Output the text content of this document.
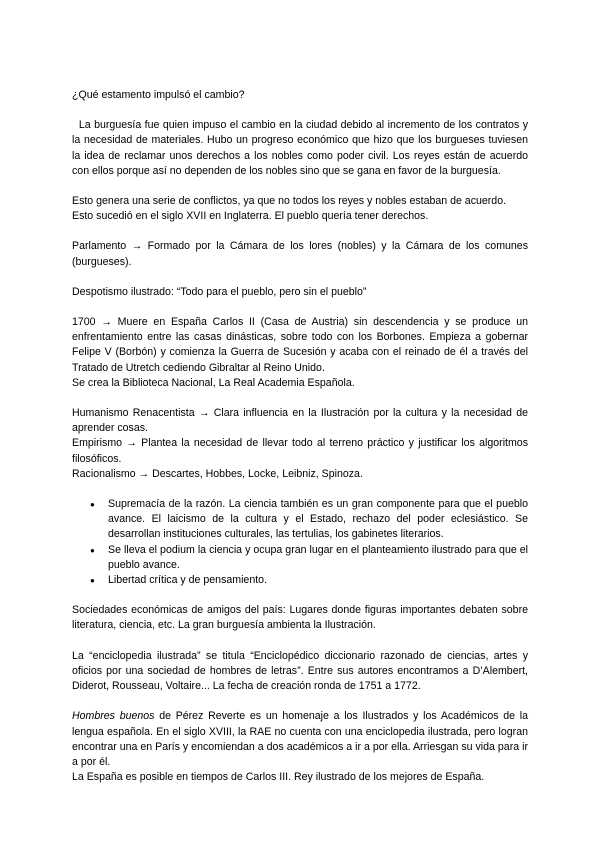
¿Qué estamento impulsó el cambio?

La burguesía fue quien impuso el cambio en la ciudad debido al incremento de los contratos y la necesidad de materiales. Hubo un progreso económico que hizo que los burgueses tuviesen la idea de reclamar unos derechos a los nobles como poder civil. Los reyes están de acuerdo con ellos porque así no dependen de los nobles sino que se gana en favor de la burguesía.

Esto genera una serie de conflictos, ya que no todos los reyes y nobles estaban de acuerdo.

Esto sucedió en el siglo XVII en Inglaterra. El pueblo quería tener derechos.

Parlamento → Formado por la Cámara de los lores (nobles) y la Cámara de los comunes (burgueses).

Despotismo ilustrado: “Todo para el pueblo, pero sin el pueblo”

1700 → Muere en España Carlos II (Casa de Austria) sin descendencia y se produce un enfrentamiento entre las casas dinásticas, sobre todo con los Borbones. Empieza a gobernar Felipe V (Borbón) y comienza la Guerra de Sucesión y acaba con el reinado de él a través del Tratado de Utretch cediendo Gibraltar al Reino Unido.

Se crea la Biblioteca Nacional, La Real Academia Española.

Humanismo Renacentista → Clara influencia en la Ilustración por la cultura y la necesidad de aprender cosas.

Empirismo → Plantea la necesidad de llevar todo al terreno práctico y justificar los algoritmos filosóficos.

Racionalismo → Descartes, Hobbes, Locke, Leibniz, Spinoza.

● Supremacía de la razón. La ciencia también es un gran componente para que el pueblo avance. El laicismo de la cultura y el Estado, rechazo del poder eclesiástico. Se desarrollan instituciones culturales, las tertulias, los gabinetes literarios.
● Se lleva el podium la ciencia y ocupa gran lugar en el planteamiento ilustrado para que el pueblo avance.
● Libertad crítica y de pensamiento.

Sociedades económicas de amigos del país: Lugares donde figuras importantes debaten sobre literatura, ciencia, etc. La gran burguesía ambienta la Ilustración.

La “enciclopedia ilustrada” se titula “Enciclopédico diccionario razonado de ciencias, artes y oficios por una sociedad de hombres de letras”. Entre sus autores encontramos a D’Alembert, Diderot, Rousseau, Voltaire... La fecha de creación ronda de 1751 a 1772.

Hombres buenos de Pérez Reverte es un homenaje a los Ilustrados y los Académicos de la lengua española. En el siglo XVIII, la RAE no cuenta con una enciclopedia ilustrada, pero logran encontrar una en París y encomiendan a dos académicos a ir a por ella. Arriesgan su vida para ir a por él.

La España es posible en tiempos de Carlos III. Rey ilustrado de los mejores de España.
